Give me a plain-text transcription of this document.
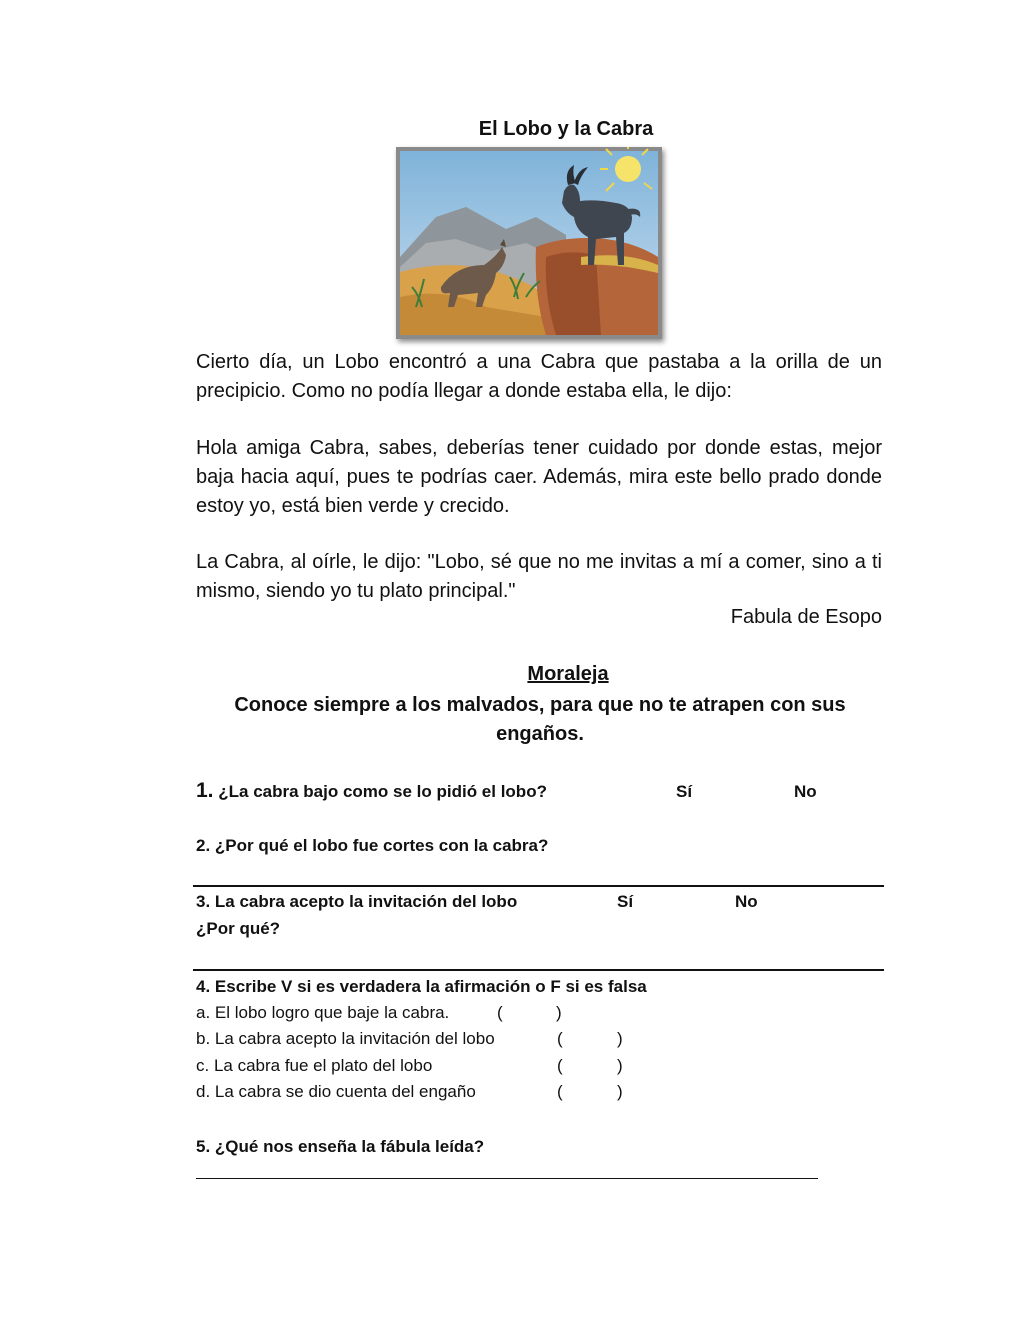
El Lobo y la Cabra

Cierto día, un Lobo encontró a una Cabra que pastaba a la orilla de un precipicio. Como no podía llegar a donde estaba ella, le dijo:

Hola amiga Cabra, sabes, deberías tener cuidado por donde estas, mejor baja hacia aquí, pues te podrías caer. Además, mira este bello prado donde estoy yo, está bien verde y crecido.

La Cabra, al oírle, le dijo: "Lobo, sé que no me invitas a mí a comer, sino a ti mismo, siendo yo tu plato principal."

Fabula de Esopo
Moraleja
Conoce siempre a los malvados, para que no te atrapen con sus engaños.
1. ¿La cabra bajo como se lo pidió el lobo?	Sí	No
2. ¿Por qué el lobo fue cortes con la cabra?
3. La cabra acepto la invitación del lobo	Sí	No
¿Por qué?
4. Escribe V si es verdadera la afirmación o F si es falsa
a. El lobo logro que baje la cabra.	(	)
b. La cabra acepto la invitación del lobo	(	)
c. La cabra fue el plato del lobo	(	)
d. La cabra se dio cuenta del engaño	(	)
5. ¿Qué nos enseña la fábula leída?
